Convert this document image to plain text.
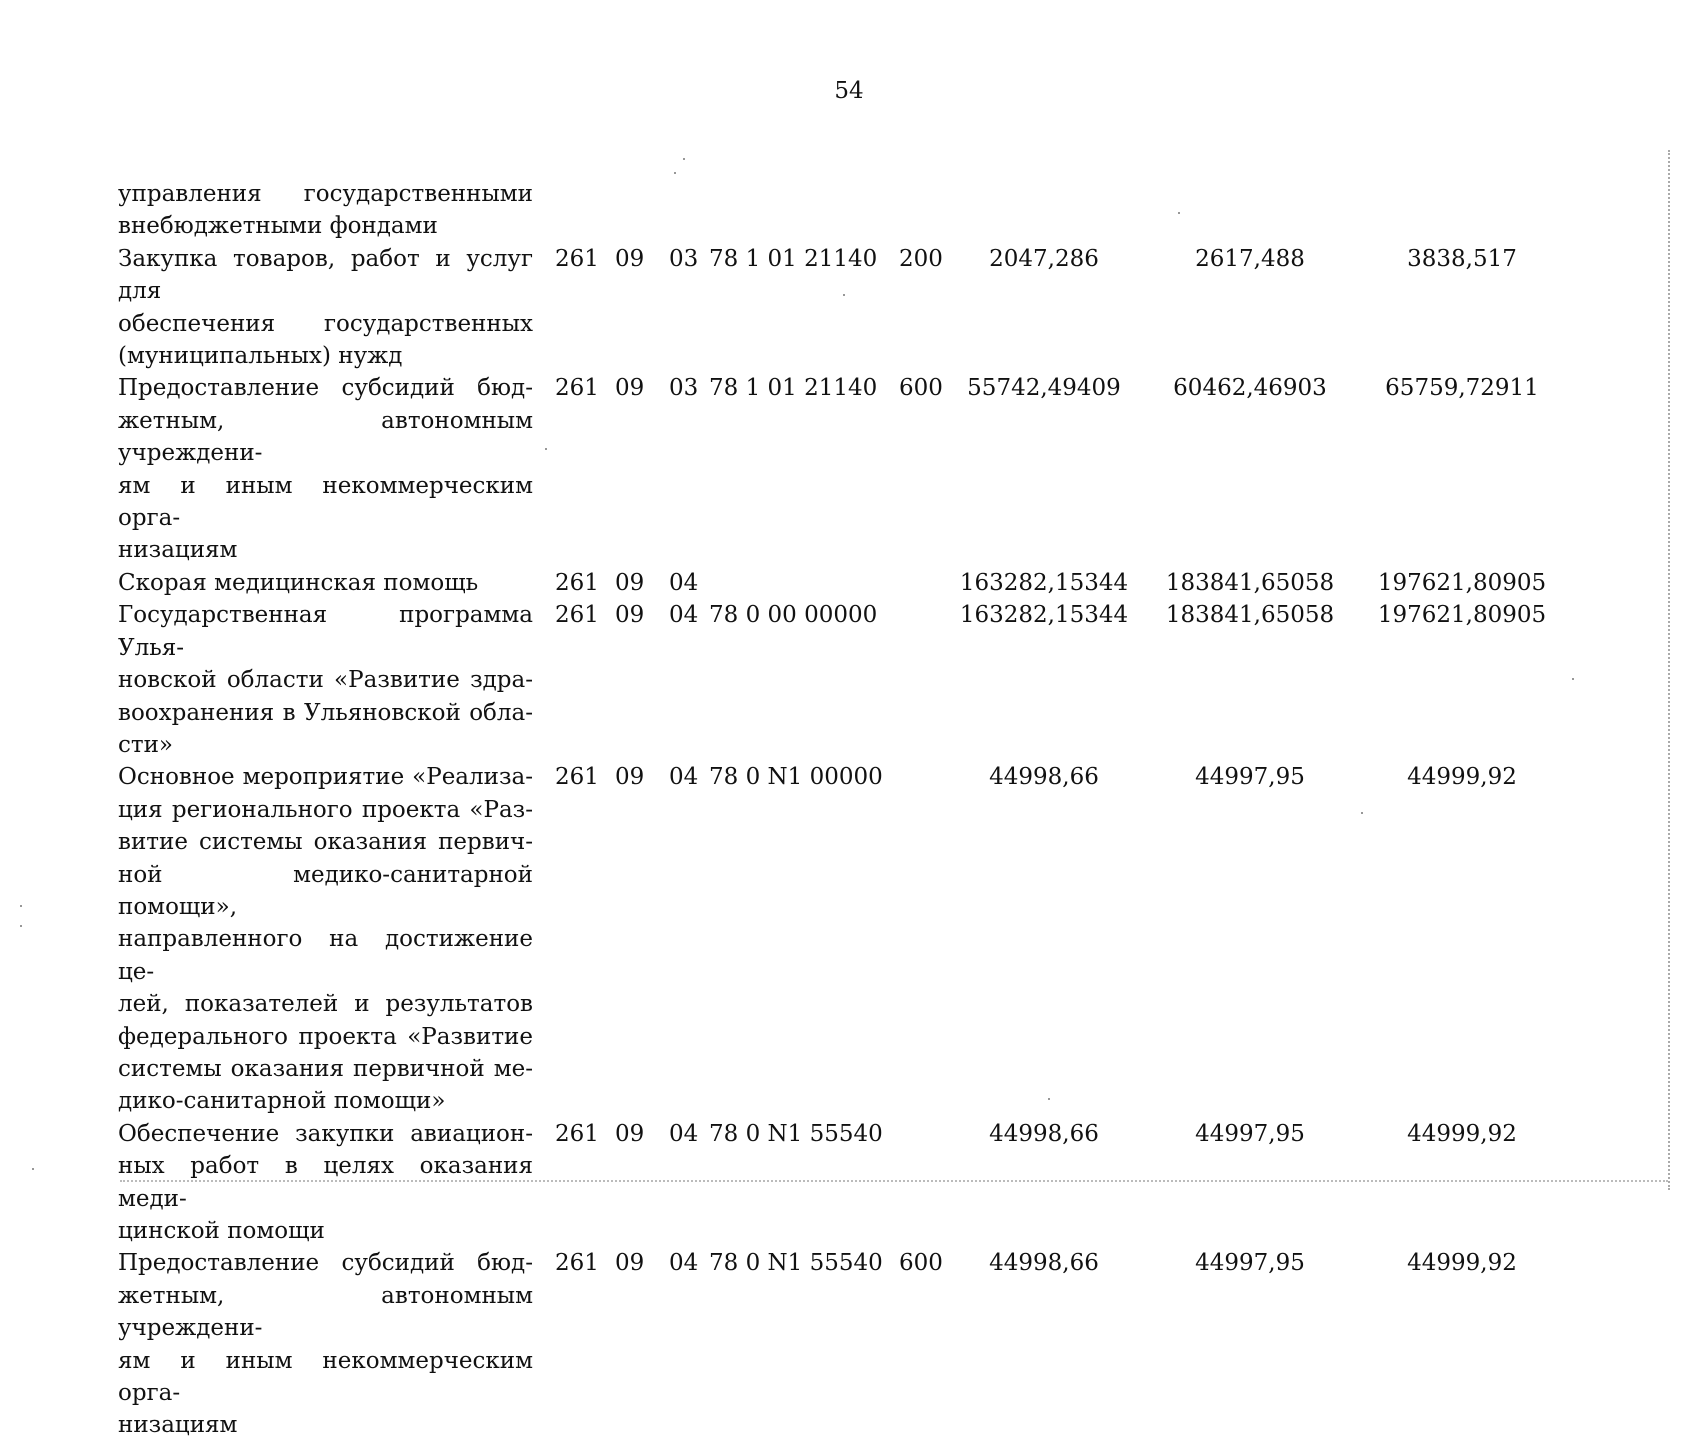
54
управления государственными
внебюджетными фондами
Закупка товаров, работ и услуг для
обеспечения государственных
(муниципальных) нужд
261 09	03 78 1 01 21140 200	2047,286	2617,488	3838,517
Предоставление субсидий бюд-
жетным, автономным учреждени-
ям и иным некоммерческим орга-
низациям
261 09	03 78 1 01 21140 600	55742,49409	60462,46903	65759,72911
Скорая медицинская помощь	261 09	04	163282,15344	183841,65058	197621,80905
Государственная программа Улья-
новской области «Развитие здра-
воохранения в Ульяновской обла-
сти»
261 09	04 78 0 00 00000	163282,15344	183841,65058	197621,80905
Основное мероприятие «Реализа-
ция регионального проекта «Раз-
витие системы оказания первич-
ной медико-санитарной помощи»,
направленного на достижение це-
лей, показателей и результатов
федерального проекта «Развитие
системы оказания первичной ме-
дико-санитарной помощи»
261 09	04 78 0 N1 00000	44998,66	44997,95	44999,92
Обеспечение закупки авиацион-
ных работ в целях оказания меди-
цинской помощи
261 09	04 78 0 N1 55540	44998,66	44997,95	44999,92
Предоставление субсидий бюд-
жетным, автономным учреждени-
ям и иным некоммерческим орга-
низациям
261 09	04 78 0 N1 55540 600	44998,66	44997,95	44999,92
